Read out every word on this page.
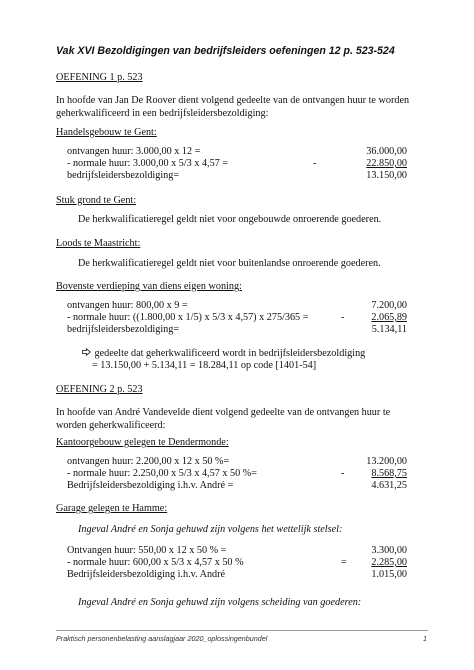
Vak XVI Bezoldigingen van bedrijfsleiders oefeningen 12 p. 523-524
OEFENING 1 p. 523
In hoofde van Jan De Roover dient volgend gedeelte van de ontvangen huur te worden geherkwalificeerd in een bedrijfsleidersbezoldiging:
Handelsgebouw te Gent:
ontvangen huur: 3.000,00 x 12 =	36.000,00
- normale huur: 3.000,00 x 5/3 x 4,57 =	-	22.850,00
bedrijfsleidersbezoldiging=	13.150,00
Stuk grond te Gent:
De herkwalificatieregel geldt niet voor ongebouwde onroerende goederen.
Loods te Maastricht:
De herkwalificatieregel geldt niet voor buitenlandse onroerende goederen.
Bovenste verdieping van diens eigen woning:
ontvangen huur: 800,00 x 9 =	7.200,00
- normale huur: ((1.800,00 x 1/5) x 5/3 x 4,57) x 275/365 =	-	2.065,89
bedrijfsleidersbezoldiging=	5.134,11
gedeelte dat geherkwalificeerd wordt in bedrijfsleidersbezoldiging
= 13.150,00 + 5.134,11 = 18.284,11 op code [1401-54]
OEFENING 2 p. 523
In hoofde van André Vandevelde dient volgend gedeelte van de ontvangen huur te worden geherkwalificeerd:
Kantoorgebouw gelegen te Dendermonde:
ontvangen huur: 2.200,00 x 12 x 50 %=	13.200,00
- normale huur: 2.250,00 x 5/3 x 4,57 x 50 %=	-	8.568,75
Bedrijfsleidersbezoldiging i.h.v. André =	4.631,25
Garage gelegen te Hamme:
Ingeval André en Sonja gehuwd zijn volgens het wettelijk stelsel:
Ontvangen huur: 550,00 x 12 x 50 % =	3.300,00
- normale huur: 600,00 x 5/3 x 4,57 x 50 %	= 2.285,00
Bedrijfsleidersbezoldiging i.h.v. André	1.015,00
Ingeval André en Sonja gehuwd zijn volgens scheiding van goederen:
Praktisch personenbelasting aanslagjaar 2020_oplossingenbundel	1
